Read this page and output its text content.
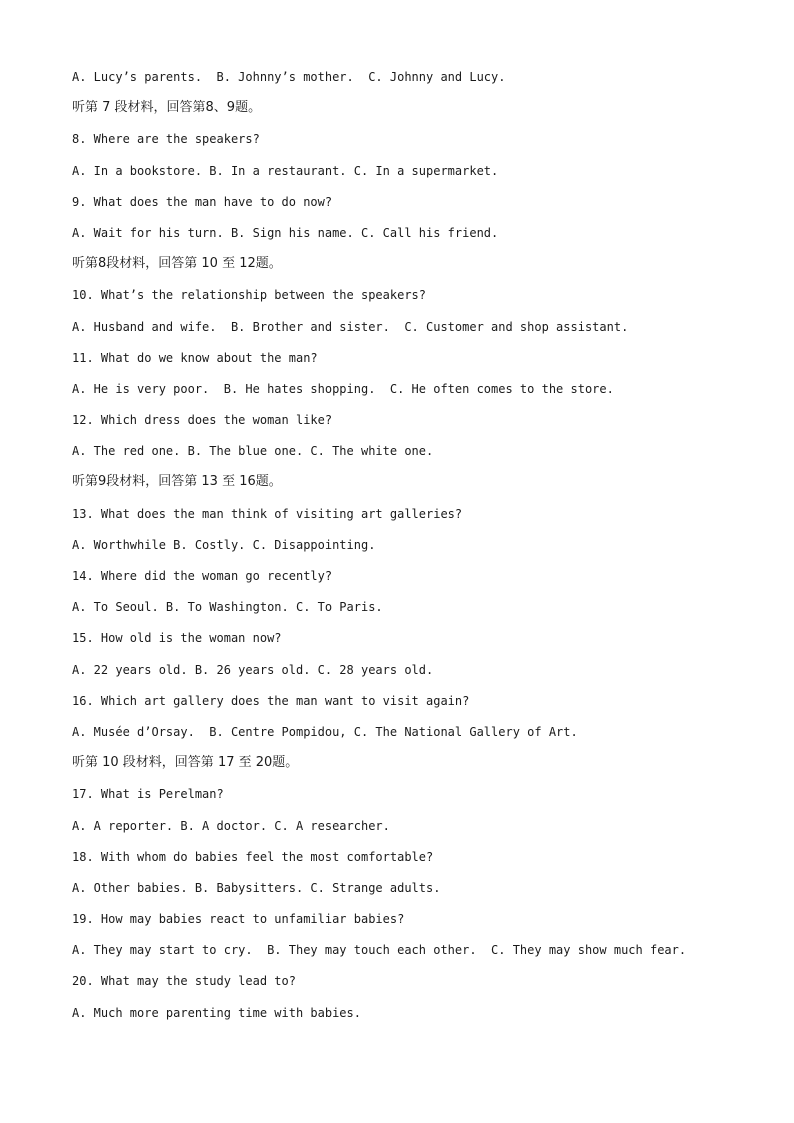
A. Lucy’s parents.  B. Johnny’s mother.  C. Johnny and Lucy.
听第 7 段材料，回答第8、9题。
8. Where are the speakers?
A. In a bookstore. B. In a restaurant. C. In a supermarket.
9. What does the man have to do now?
A. Wait for his turn. B. Sign his name. C. Call his friend.
听第8段材料，回答第 10 至 12题。
10. What’s the relationship between the speakers?
A. Husband and wife.  B. Brother and sister.  C. Customer and shop assistant.
11. What do we know about the man?
A. He is very poor.  B. He hates shopping.  C. He often comes to the store.
12. Which dress does the woman like?
A. The red one. B. The blue one. C. The white one.
听第9段材料，回答第 13 至 16题。
13. What does the man think of visiting art galleries?
A. Worthwhile B. Costly. C. Disappointing.
14. Where did the woman go recently?
A. To Seoul. B. To Washington. C. To Paris.
15. How old is the woman now?
A. 22 years old. B. 26 years old. C. 28 years old.
16. Which art gallery does the man want to visit again?
A. Musée d’Orsay.  B. Centre Pompidou, C. The National Gallery of Art.
听第 10 段材料，回答第 17 至 20题。
17. What is Perelman?
A. A reporter. B. A doctor. C. A researcher.
18. With whom do babies feel the most comfortable?
A. Other babies. B. Babysitters. C. Strange adults.
19. How may babies react to unfamiliar babies?
A. They may start to cry.  B. They may touch each other.  C. They may show much fear.
20. What may the study lead to?
A. Much more parenting time with babies.
